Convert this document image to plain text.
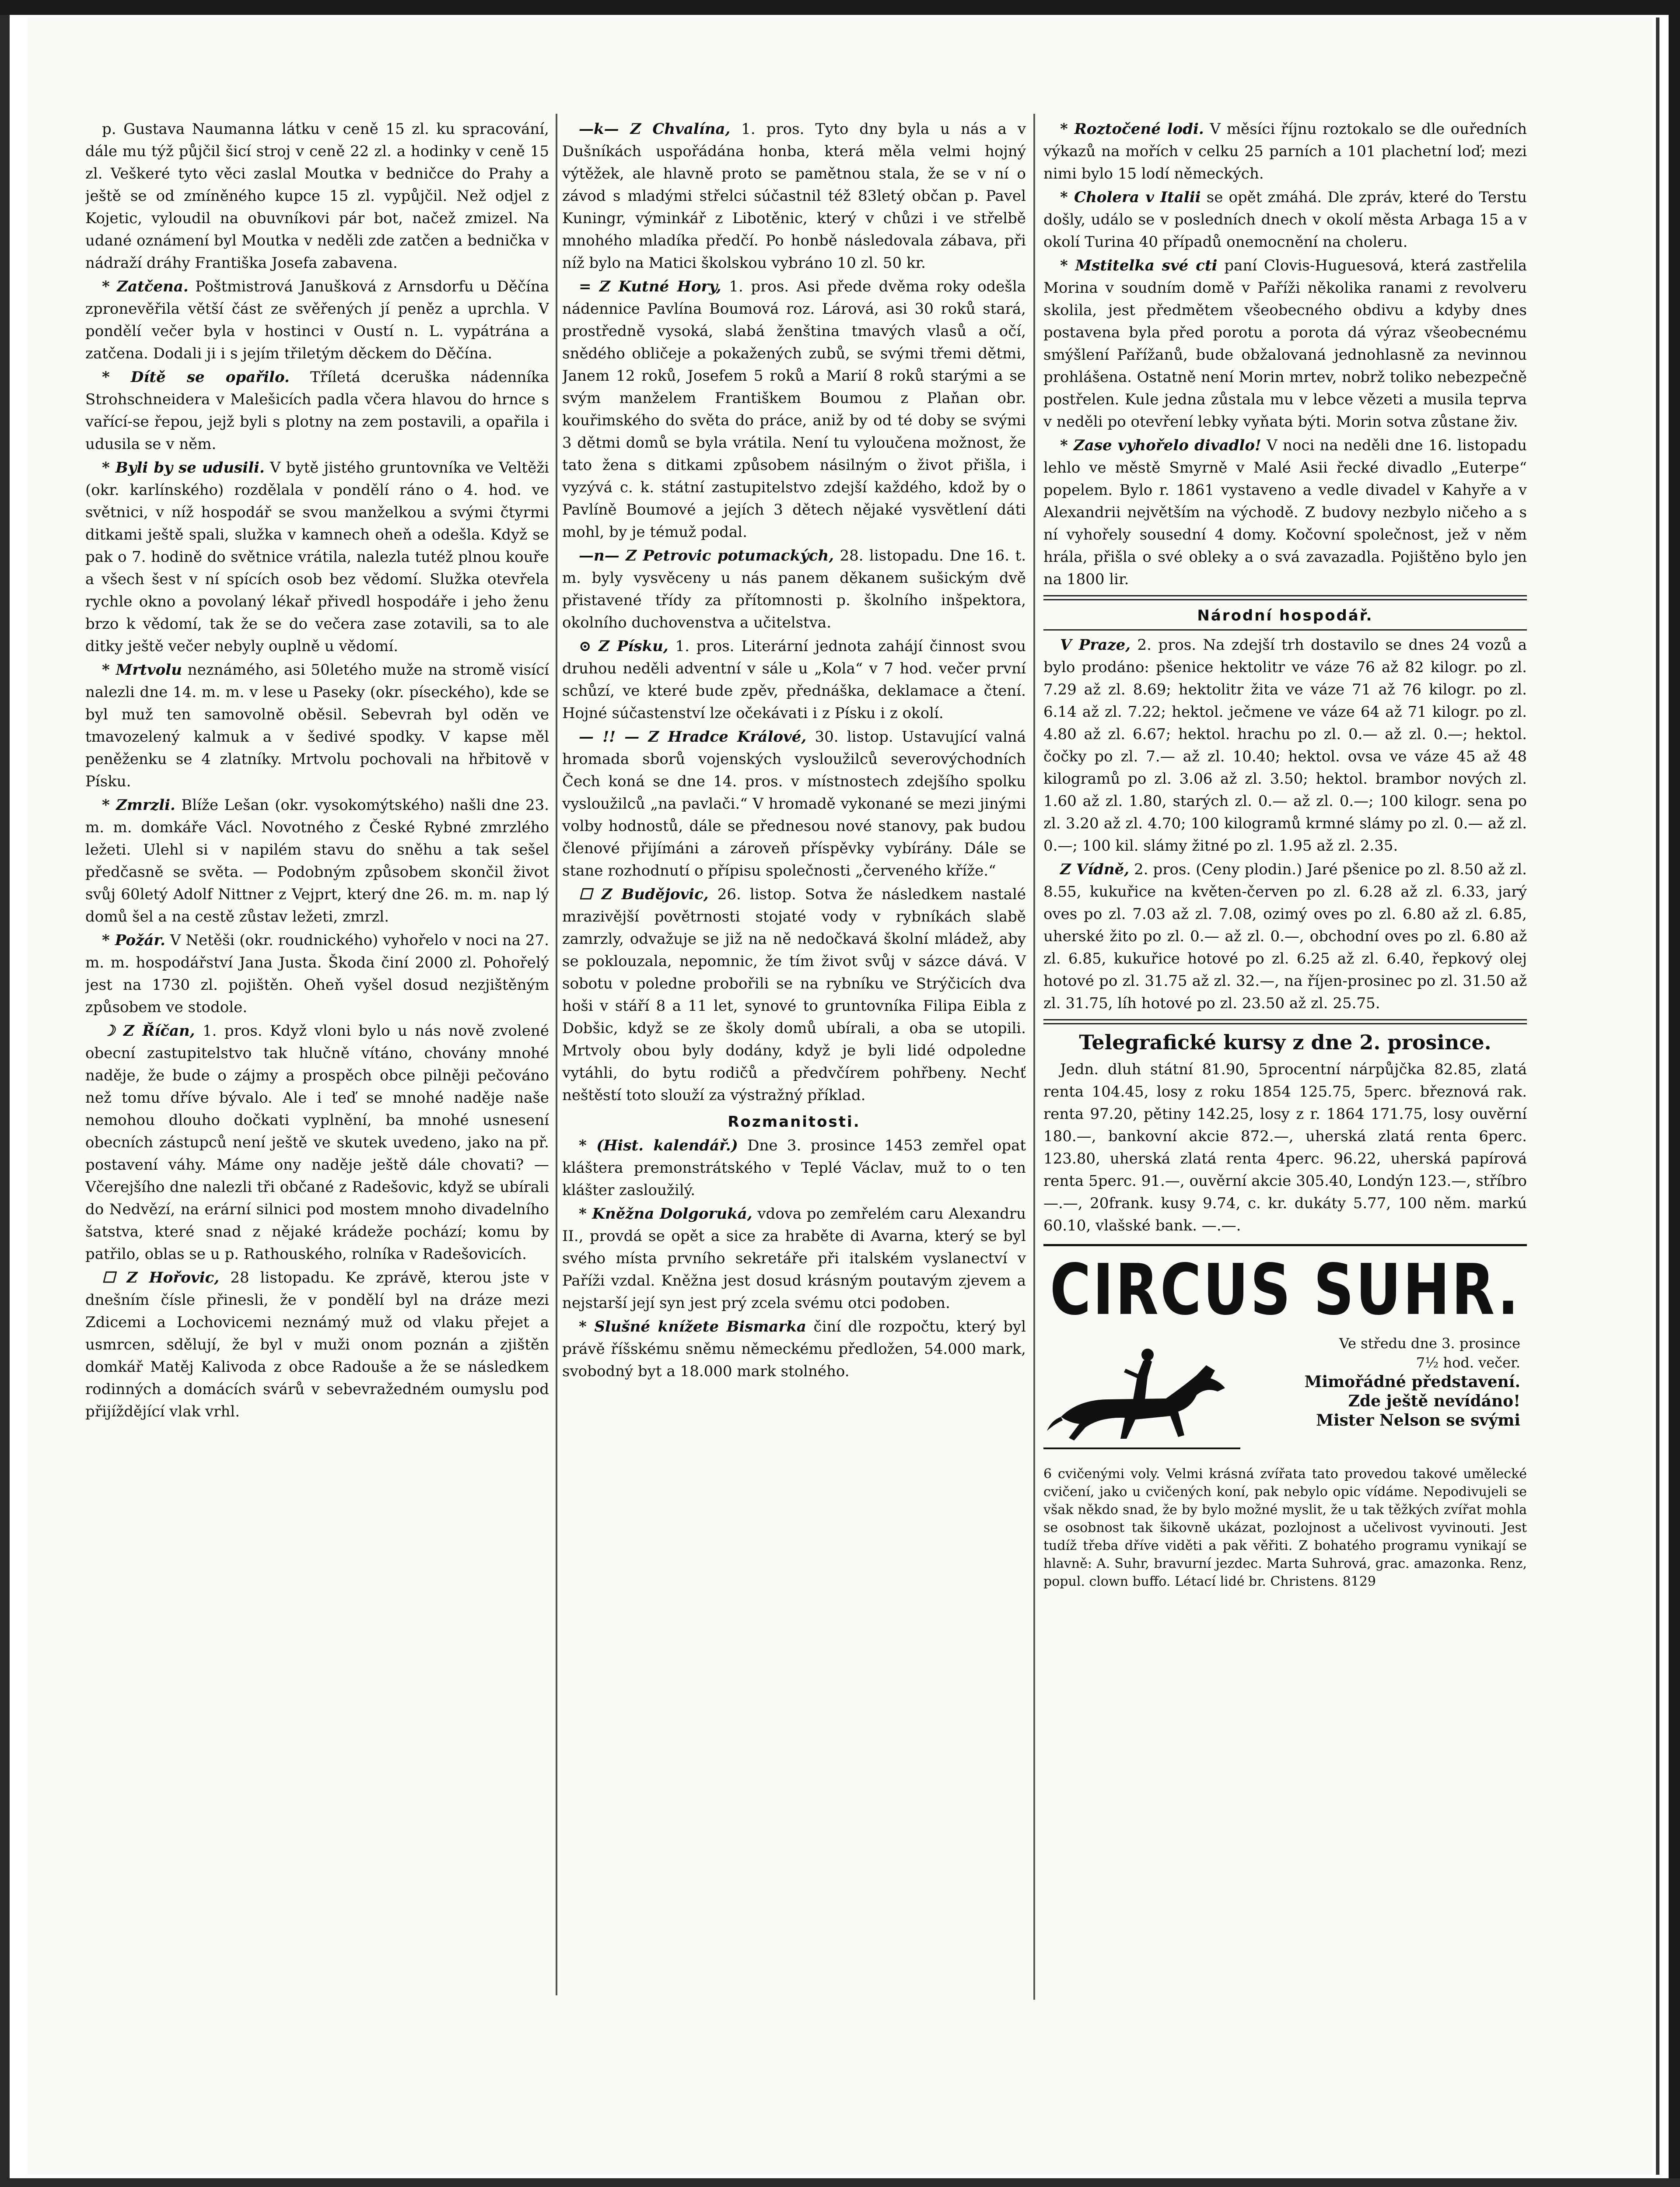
p. Gustava Naumanna látku v ceně 15 zl. ku spracování, dále mu týž půjčil šicí stroj v ceně 22 zl. a hodinky v ceně 15 zl. Veškeré tyto věci zaslal Moutka v bedničce do Prahy a ještě se od zmíněného kupce 15 zl. vypůjčil. Než odjel z Kojetic, vyloudil na obuvníkovi pár bot, načež zmizel. Na udané oznámení byl Moutka v neděli zde zatčen a bednička v nádraží dráhy Františka Josefa zabavena.

* Zatčena. Poštmistrová Janušková z Arnsdorfu u Děčína zpronevěřila větší část ze svěřených jí peněz a uprchla. V pondělí večer byla v hostinci v Oustí n. L. vypátrána a zatčena. Dodali ji i s jejím třiletým děckem do Děčína.

* Dítě se opařilo. Tříletá dceruška nádenníka Strohschneidera v Malešicích padla včera hlavou do hrnce s vařící-se řepou, jejž byli s plotny na zem postavili, a opařila i udusila se v něm.

* Byli by se udusili. V bytě jistého gruntovníka ve Veltěži (okr. karlínského) rozdělala v pondělí ráno o 4. hod. ve světnici, v níž hospodář se svou manželkou a svými čtyrmi ditkami ještě spali, služka v kamnech oheň a odešla. Když se pak o 7. hodině do světnice vrátila, nalezla tutéž plnou kouře a všech šest v ní spících osob bez vědomí. Služka otevřela rychle okno a povolaný lékař přivedl hospodáře i jeho ženu brzo k vědomí, tak že se do večera zase zotavili, sa to ale ditky ještě večer nebyly ouplně u vědomí.

* Mrtvolu neznámého, asi 50letého muže na stromě visící nalezli dne 14. m. m. v lese u Paseky (okr. píseckého), kde se byl muž ten samovolně oběsil. Sebevrah byl oděn ve tmavozelený kalmuk a v šedivé spodky. V kapse měl peněženku se 4 zlatníky. Mrtvolu pochovali na hřbitově v Písku.

* Zmrzli. Blíže Lešan (okr. vysokomýtského) našli dne 23. m. m. domkáře Václ. Novotného z České Rybné zmrzlého ležeti. Ulehl si v napilém stavu do sněhu a tak sešel předčasně se světa. — Podobným způsobem skončil život svůj 60letý Adolf Nittner z Vejprt, který dne 26. m. m. nap lý domů šel a na cestě zůstav ležeti, zmrzl.

* Požár. V Netěši (okr. roudnického) vyhořelo v noci na 27. m. m. hospodářství Jana Justa. Škoda činí 2000 zl. Pohořelý jest na 1730 zl. pojištěn. Oheň vyšel dosud nezjištěným způsobem ve stodole.

☽ Z Říčan, 1. pros. Když vloni bylo u nás nově zvolené obecní zastupitelstvo tak hlučně vítáno, chovány mnohé naděje, že bude o zájmy a prospěch obce pilněji pečováno než tomu dříve bývalo. Ale i teď se mnohé naděje naše nemohou dlouho dočkati vyplnění, ba mnohé usnesení obecních zástupců není ještě ve skutek uvedeno, jako na př. postavení váhy. Máme ony naděje ještě dále chovati? — Včerejšího dne nalezli tři občané z Radešovic, když se ubírali do Nedvězí, na erární silnici pod mostem mnoho divadelního šatstva, které snad z nějaké krádeže pochází; komu by patřilo, oblas se u p. Rathouského, rolníka v Radešovicích.

☐ Z Hořovic, 28 listopadu. Ke zprávě, kterou jste v dnešním čísle přinesli, že v pondělí byl na dráze mezi Zdicemi a Lochovicemi neznámý muž od vlaku přejet a usmrcen, sdělují, že byl v muži onom poznán a zjištěn domkář Matěj Kalivoda z obce Radouše a že se následkem rodinných a domácích svárů v sebevražedném oumyslu pod přijíždějící vlak vrhl.

—k— Z Chvalína, 1. pros. Tyto dny byla u nás a v Dušníkách uspořádána honba, která měla velmi hojný výtěžek, ale hlavně proto se pamětnou stala, že se v ní o závod s mladými střelci súčastnil též 83letý občan p. Pavel Kuningr, výminkář z Libotěnic, který v chůzi i ve střelbě mnohého mladíka předčí. Po honbě následovala zábava, při níž bylo na Matici školskou vybráno 10 zl. 50 kr.

= Z Kutné Hory, 1. pros. Asi přede dvěma roky odešla nádennice Pavlína Boumová roz. Lárová, asi 30 roků stará, prostředně vysoká, slabá ženština tmavých vlasů a očí, snědého obličeje a pokažených zubů, se svými třemi dětmi, Janem 12 roků, Josefem 5 roků a Marií 8 roků starými a se svým manželem Františkem Boumou z Plaňan obr. kouřimského do světa do práce, aniž by od té doby se svými 3 dětmi domů se byla vrátila. Není tu vyloučena možnost, že tato žena s ditkami způsobem násilným o život přišla, i vyzývá c. k. státní zastupitelstvo zdejší každého, kdož by o Pavlíně Boumové a jejích 3 dětech nějaké vysvětlení dáti mohl, by je témuž podal.

—n— Z Petrovic potumackých, 28. listopadu. Dne 16. t. m. byly vysvěceny u nás panem děkanem sušickým dvě přistavené třídy za přítomnosti p. školního inšpektora, okolního duchovenstva a učitelstva.

⊙ Z Písku, 1. pros. Literární jednota zahájí činnost svou druhou neděli adventní v sále u „Kola“ v 7 hod. večer první schůzí, ve které bude zpěv, přednáška, deklamace a čtení. Hojné súčastenství lze očekávati i z Písku i z okolí.

— !! — Z Hradce Králové, 30. listop. Ustavující valná hromada sborů vojenských vysloužilců severovýchodních Čech koná se dne 14. pros. v místnostech zdejšího spolku vysloužilců „na pavlači.“ V hromadě vykonané se mezi jinými volby hodnostů, dále se přednesou nové stanovy, pak budou členové přijímáni a zároveň příspěvky vybírány. Dále se stane rozhodnutí o přípisu společnosti „červeného kříže.“

☐ Z Budějovic, 26. listop. Sotva že následkem nastalé mrazivější povětrnosti stojaté vody v rybníkách slabě zamrzly, odvažuje se již na ně nedočkavá školní mládež, aby se poklouzala, nepomnic, že tím život svůj v sázce dává. V sobotu v poledne probořili se na rybníku ve Strýčicích dva hoši v stáří 8 a 11 let, synové to gruntovníka Filipa Eibla z Dobšic, když se ze školy domů ubírali, a oba se utopili. Mrtvoly obou byly dodány, když je byli lidé odpoledne vytáhli, do bytu rodičů a předvčírem pohřbeny. Nechť neštěstí toto slouží za výstražný příklad.

Rozmanitosti.

* (Hist. kalendář.) Dne 3. prosince 1453 zemřel opat kláštera premonstrátského v Teplé Václav, muž to o ten klášter zasloužilý.

* Kněžna Dolgoruká, vdova po zemřelém caru Alexandru II., provdá se opět a sice za hraběte di Avarna, který se byl svého místa prvního sekretáře při italském vyslanectví v Paříži vzdal. Kněžna jest dosud krásným poutavým zjevem a nejstarší její syn jest prý zcela svému otci podoben.

* Slušné knížete Bismarka činí dle rozpočtu, který byl právě říšskému sněmu německému předložen, 54.000 mark, svobodný byt a 18.000 mark stolného.

* Roztočené lodi. V měsíci říjnu roztokalo se dle ouředních výkazů na mořích v celku 25 parních a 101 plachetní loď; mezi nimi bylo 15 lodí německých.

* Cholera v Italii se opět zmáhá. Dle zpráv, které do Terstu došly, událo se v posledních dnech v okolí města Arbaga 15 a v okolí Turina 40 případů onemocnění na choleru.

* Mstitelka své cti paní Clovis-Huguesová, která zastřelila Morina v soudním domě v Paříži několika ranami z revolveru skolila, jest předmětem všeobecného obdivu a kdyby dnes postavena byla před porotu a porota dá výraz všeobecnému smýšlení Pařížanů, bude obžalovaná jednohlasně za nevinnou prohlášena. Ostatně není Morin mrtev, nobrž toliko nebezpečně postřelen. Kule jedna zůstala mu v lebce vězeti a musila teprva v neděli po otevření lebky vyňata býti. Morin sotva zůstane živ.

* Zase vyhořelo divadlo! V noci na neděli dne 16. listopadu lehlo ve městě Smyrně v Malé Asii řecké divadlo „Euterpe“ popelem. Bylo r. 1861 vystaveno a vedle divadel v Kahyře a v Alexandrii největším na východě. Z budovy nezbylo ničeho a s ní vyhořely sousední 4 domy. Kočovní společnost, jež v něm hrála, přišla o své obleky a o svá zavazadla. Pojištěno bylo jen na 1800 lir.

Národní hospodář.

V Praze, 2. pros. Na zdejší trh dostavilo se dnes 24 vozů a bylo prodáno: pšenice hektolitr ve váze 76 až 82 kilogr. po zl. 7.29 až zl. 8.69; hektolitr žita ve váze 71 až 76 kilogr. po zl. 6.14 až zl. 7.22; hektol. ječmene ve váze 64 až 71 kilogr. po zl. 4.80 až zl. 6.67; hektol. hrachu po zl. 0.— až zl. 0.—; hektol. čočky po zl. 7.— až zl. 10.40; hektol. ovsa ve váze 45 až 48 kilogramů po zl. 3.06 až zl. 3.50; hektol. brambor nových zl. 1.60 až zl. 1.80, starých zl. 0.— až zl. 0.—; 100 kilogr. sena po zl. 3.20 až zl. 4.70; 100 kilogramů krmné slámy po zl. 0.— až zl. 0.—; 100 kil. slámy žitné po zl. 1.95 až zl. 2.35.

Z Vídně, 2. pros. (Ceny plodin.) Jaré pšenice po zl. 8.50 až zl. 8.55, kukuřice na květen-červen po zl. 6.28 až zl. 6.33, jarý oves po zl. 7.03 až zl. 7.08, ozimý oves po zl. 6.80 až zl. 6.85, uherské žito po zl. 0.— až zl. 0.—, obchodní oves po zl. 6.80 až zl. 6.85, kukuřice hotové po zl. 6.25 až zl. 6.40, řepkový olej hotové po zl. 31.75 až zl. 32.—, na říjen-prosinec po zl. 31.50 až zl. 31.75, líh hotové po zl. 23.50 až zl. 25.75.

Telegrafické kursy z dne 2. prosince.

Jedn. dluh státní 81.90, 5procentní nárpůjčka 82.85, zlatá renta 104.45, losy z roku 1854 125.75, 5perc. březnová rak. renta 97.20, pětiny 142.25, losy z r. 1864 171.75, losy ouvěrní 180.—, bankovní akcie 872.—, uherská zlatá renta 6perc. 123.80, uherská zlatá renta 4perc. 96.22, uherská papírová renta 5perc. 91.—, ouvěrní akcie 305.40, Londýn 123.—, stříbro —.—, 20frank. kusy 9.74, c. kr. dukáty 5.77, 100 něm. markú 60.10, vlašské bank. —.—.

CIRCUS SUHR.
Ve středu dne 3. prosince
7½ hod. večer.
Mimořádné představení.
Zde ještě nevídáno!
Mister Nelson se svými

6 cvičenými voly. Velmi krásná zvířata tato provedou takové umělecké cvičení, jako u cvičených koní, pak nebylo opic vídáme. Nepodivujeli se však někdo snad, že by bylo možné myslit, že u tak těžkých zvířat mohla se osobnost tak šikovně ukázat, pozlojnost a učelivost vyvinouti. Jest tudíž třeba dříve viděti a pak věřiti. Z bohatého programu vynikají se hlavně: A. Suhr, bravurní jezdec. Marta Suhrová, grac. amazonka. Renz, popul. clown buffo. Létací lidé br. Christens. 8129
